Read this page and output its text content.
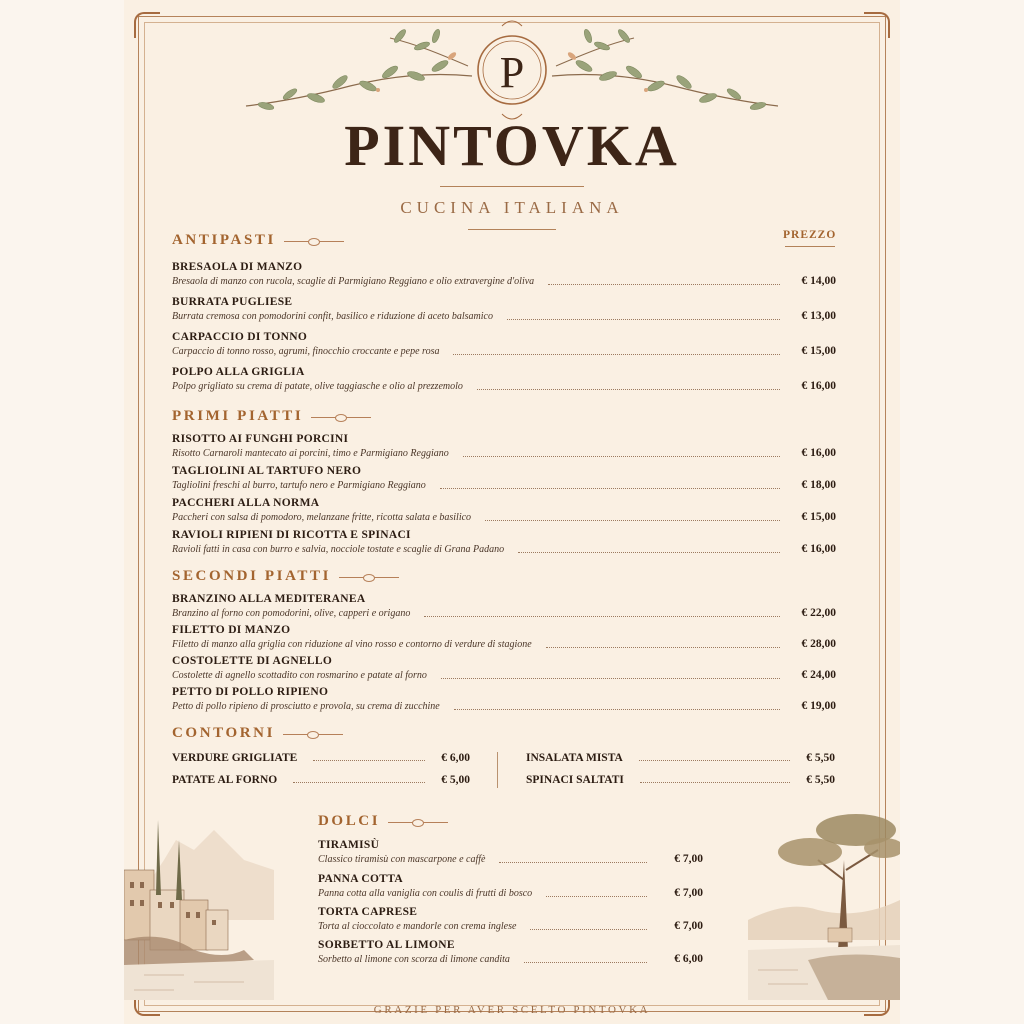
P
PINTOVKA
CUCINA ITALIANA
PREZZO
ANTIPASTI
BRESAOLA DI MANZO
Bresaola di manzo con rucola, scaglie di Parmigiano Reggiano e olio extravergine d'oliva	€ 14,00
BURRATA PUGLIESE
Burrata cremosa con pomodorini confit, basilico e riduzione di aceto balsamico	€ 13,00
CARPACCIO DI TONNO
Carpaccio di tonno rosso, agrumi, finocchio croccante e pepe rosa	€ 15,00
POLPO ALLA GRIGLIA
Polpo grigliato su crema di patate, olive taggiasche e olio al prezzemolo	€ 16,00
PRIMI PIATTI
RISOTTO AI FUNGHI PORCINI
Risotto Carnaroli mantecato ai porcini, timo e Parmigiano Reggiano	€ 16,00
TAGLIOLINI AL TARTUFO NERO
Tagliolini freschi al burro, tartufo nero e Parmigiano Reggiano	€ 18,00
PACCHERI ALLA NORMA
Paccheri con salsa di pomodoro, melanzane fritte, ricotta salata e basilico	€ 15,00
RAVIOLI RIPIENI DI RICOTTA E SPINACI
Ravioli fatti in casa con burro e salvia, nocciole tostate e scaglie di Grana Padano	€ 16,00
SECONDI PIATTI
BRANZINO ALLA MEDITERANEA
Branzino al forno con pomodorini, olive, capperi e origano	€ 22,00
FILETTO DI MANZO
Filetto di manzo alla griglia con riduzione al vino rosso e contorno di verdure di stagione	€ 28,00
COSTOLETTE DI AGNELLO
Costolette di agnello scottadito con rosmarino e patate al forno	€ 24,00
PETTO DI POLLO RIPIENO
Petto di pollo ripieno di prosciutto e provola, su crema di zucchine	€ 19,00
CONTORNI
VERDURE GRIGLIATE	€ 6,00
PATATE AL FORNO	€ 5,00
INSALATA MISTA	€ 5,50
SPINACI SALTATI	€ 5,50
DOLCI
TIRAMISÙ
Classico tiramisù con mascarpone e caffè	€ 7,00
PANNA COTTA
Panna cotta alla vaniglia con coulis di frutti di bosco	€ 7,00
TORTA CAPRESE
Torta al cioccolato e mandorle con crema inglese	€ 7,00
SORBETTO AL LIMONE
Sorbetto al limone con scorza di limone candita	€ 6,00
GRAZIE PER AVER SCELTO PINTOVKA
